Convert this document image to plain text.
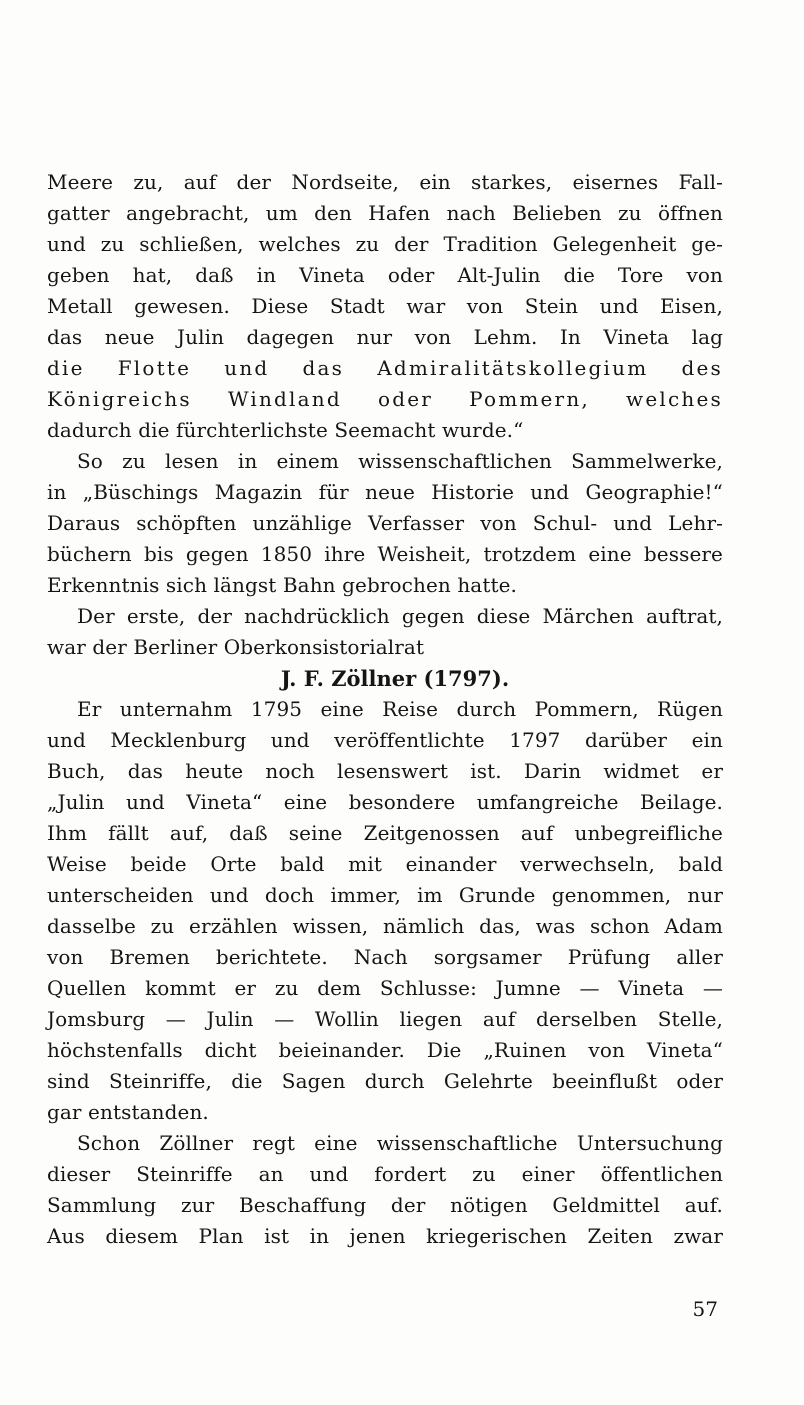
Meere zu, auf der Nordseite, ein starkes, eisernes Fall-
gatter angebracht, um den Hafen nach Belieben zu öffnen
und zu schließen, welches zu der Tradition Gelegenheit ge-
geben hat, daß in Vineta oder Alt-Julin die Tore von
Metall gewesen. Diese Stadt war von Stein und Eisen,
das neue Julin dagegen nur von Lehm. In Vineta lag
die Flotte und das Admiralitätskollegium des
Königreichs Windland oder Pommern, welches
dadurch die fürchterlichste Seemacht wurde.“
So zu lesen in einem wissenschaftlichen Sammelwerke,
in „Büschings Magazin für neue Historie und Geographie!“
Daraus schöpften unzählige Verfasser von Schul- und Lehr-
büchern bis gegen 1850 ihre Weisheit, trotzdem eine bessere
Erkenntnis sich längst Bahn gebrochen hatte.
Der erste, der nachdrücklich gegen diese Märchen auftrat,
war der Berliner Oberkonsistorialrat
J. F. Zöllner (1797).
Er unternahm 1795 eine Reise durch Pommern, Rügen
und Mecklenburg und veröffentlichte 1797 darüber ein
Buch, das heute noch lesenswert ist. Darin widmet er
„Julin und Vineta“ eine besondere umfangreiche Beilage.
Ihm fällt auf, daß seine Zeitgenossen auf unbegreifliche
Weise beide Orte bald mit einander verwechseln, bald
unterscheiden und doch immer, im Grunde genommen, nur
dasselbe zu erzählen wissen, nämlich das, was schon Adam
von Bremen berichtete. Nach sorgsamer Prüfung aller
Quellen kommt er zu dem Schlusse: Jumne — Vineta —
Jomsburg — Julin — Wollin liegen auf derselben Stelle,
höchstenfalls dicht beieinander. Die „Ruinen von Vineta“
sind Steinriffe, die Sagen durch Gelehrte beeinflußt oder
gar entstanden.
Schon Zöllner regt eine wissenschaftliche Untersuchung
dieser Steinriffe an und fordert zu einer öffentlichen
Sammlung zur Beschaffung der nötigen Geldmittel auf.
Aus diesem Plan ist in jenen kriegerischen Zeiten zwar
57
